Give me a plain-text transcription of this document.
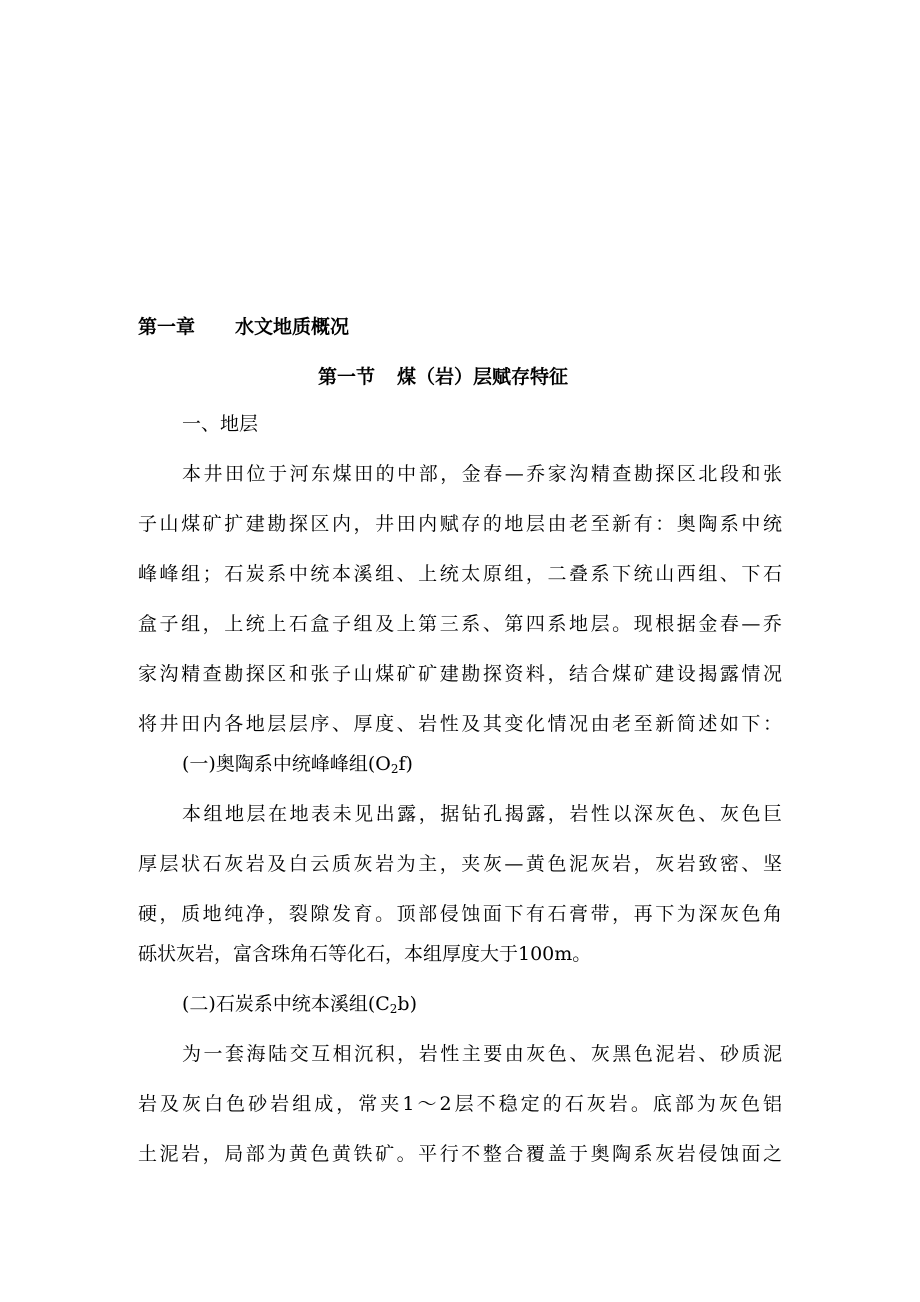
第一章 水文地质概况
第一节 煤（岩）层赋存特征
一、地层
本井田位于河东煤田的中部，金春—乔家沟精查勘探区北段和张
子山煤矿扩建勘探区内，井田内赋存的地层由老至新有：奥陶系中统
峰峰组；石炭系中统本溪组、上统太原组，二叠系下统山西组、下石
盒子组，上统上石盒子组及上第三系、第四系地层。现根据金春—乔
家沟精查勘探区和张子山煤矿矿建勘探资料，结合煤矿建设揭露情况
将井田内各地层层序、厚度、岩性及其变化情况由老至新简述如下：
(一)奥陶系中统峰峰组$(O_2f)$
本组地层在地表未见出露，据钻孔揭露，岩性以深灰色、灰色巨
厚层状石灰岩及白云质灰岩为主，夹灰—黄色泥灰岩，灰岩致密、坚
硬，质地纯净，裂隙发育。顶部侵蚀面下有石膏带，再下为深灰色角
砾状灰岩，富含珠角石等化石，本组厚度大于100m。
(二)石炭系中统本溪组$(C_2b)$
为一套海陆交互相沉积，岩性主要由灰色、灰黑色泥岩、砂质泥
岩及灰白色砂岩组成，常夹1～2层不稳定的石灰岩。底部为灰色铝
土泥岩，局部为黄色黄铁矿。平行不整合覆盖于奥陶系灰岩侵蚀面之
